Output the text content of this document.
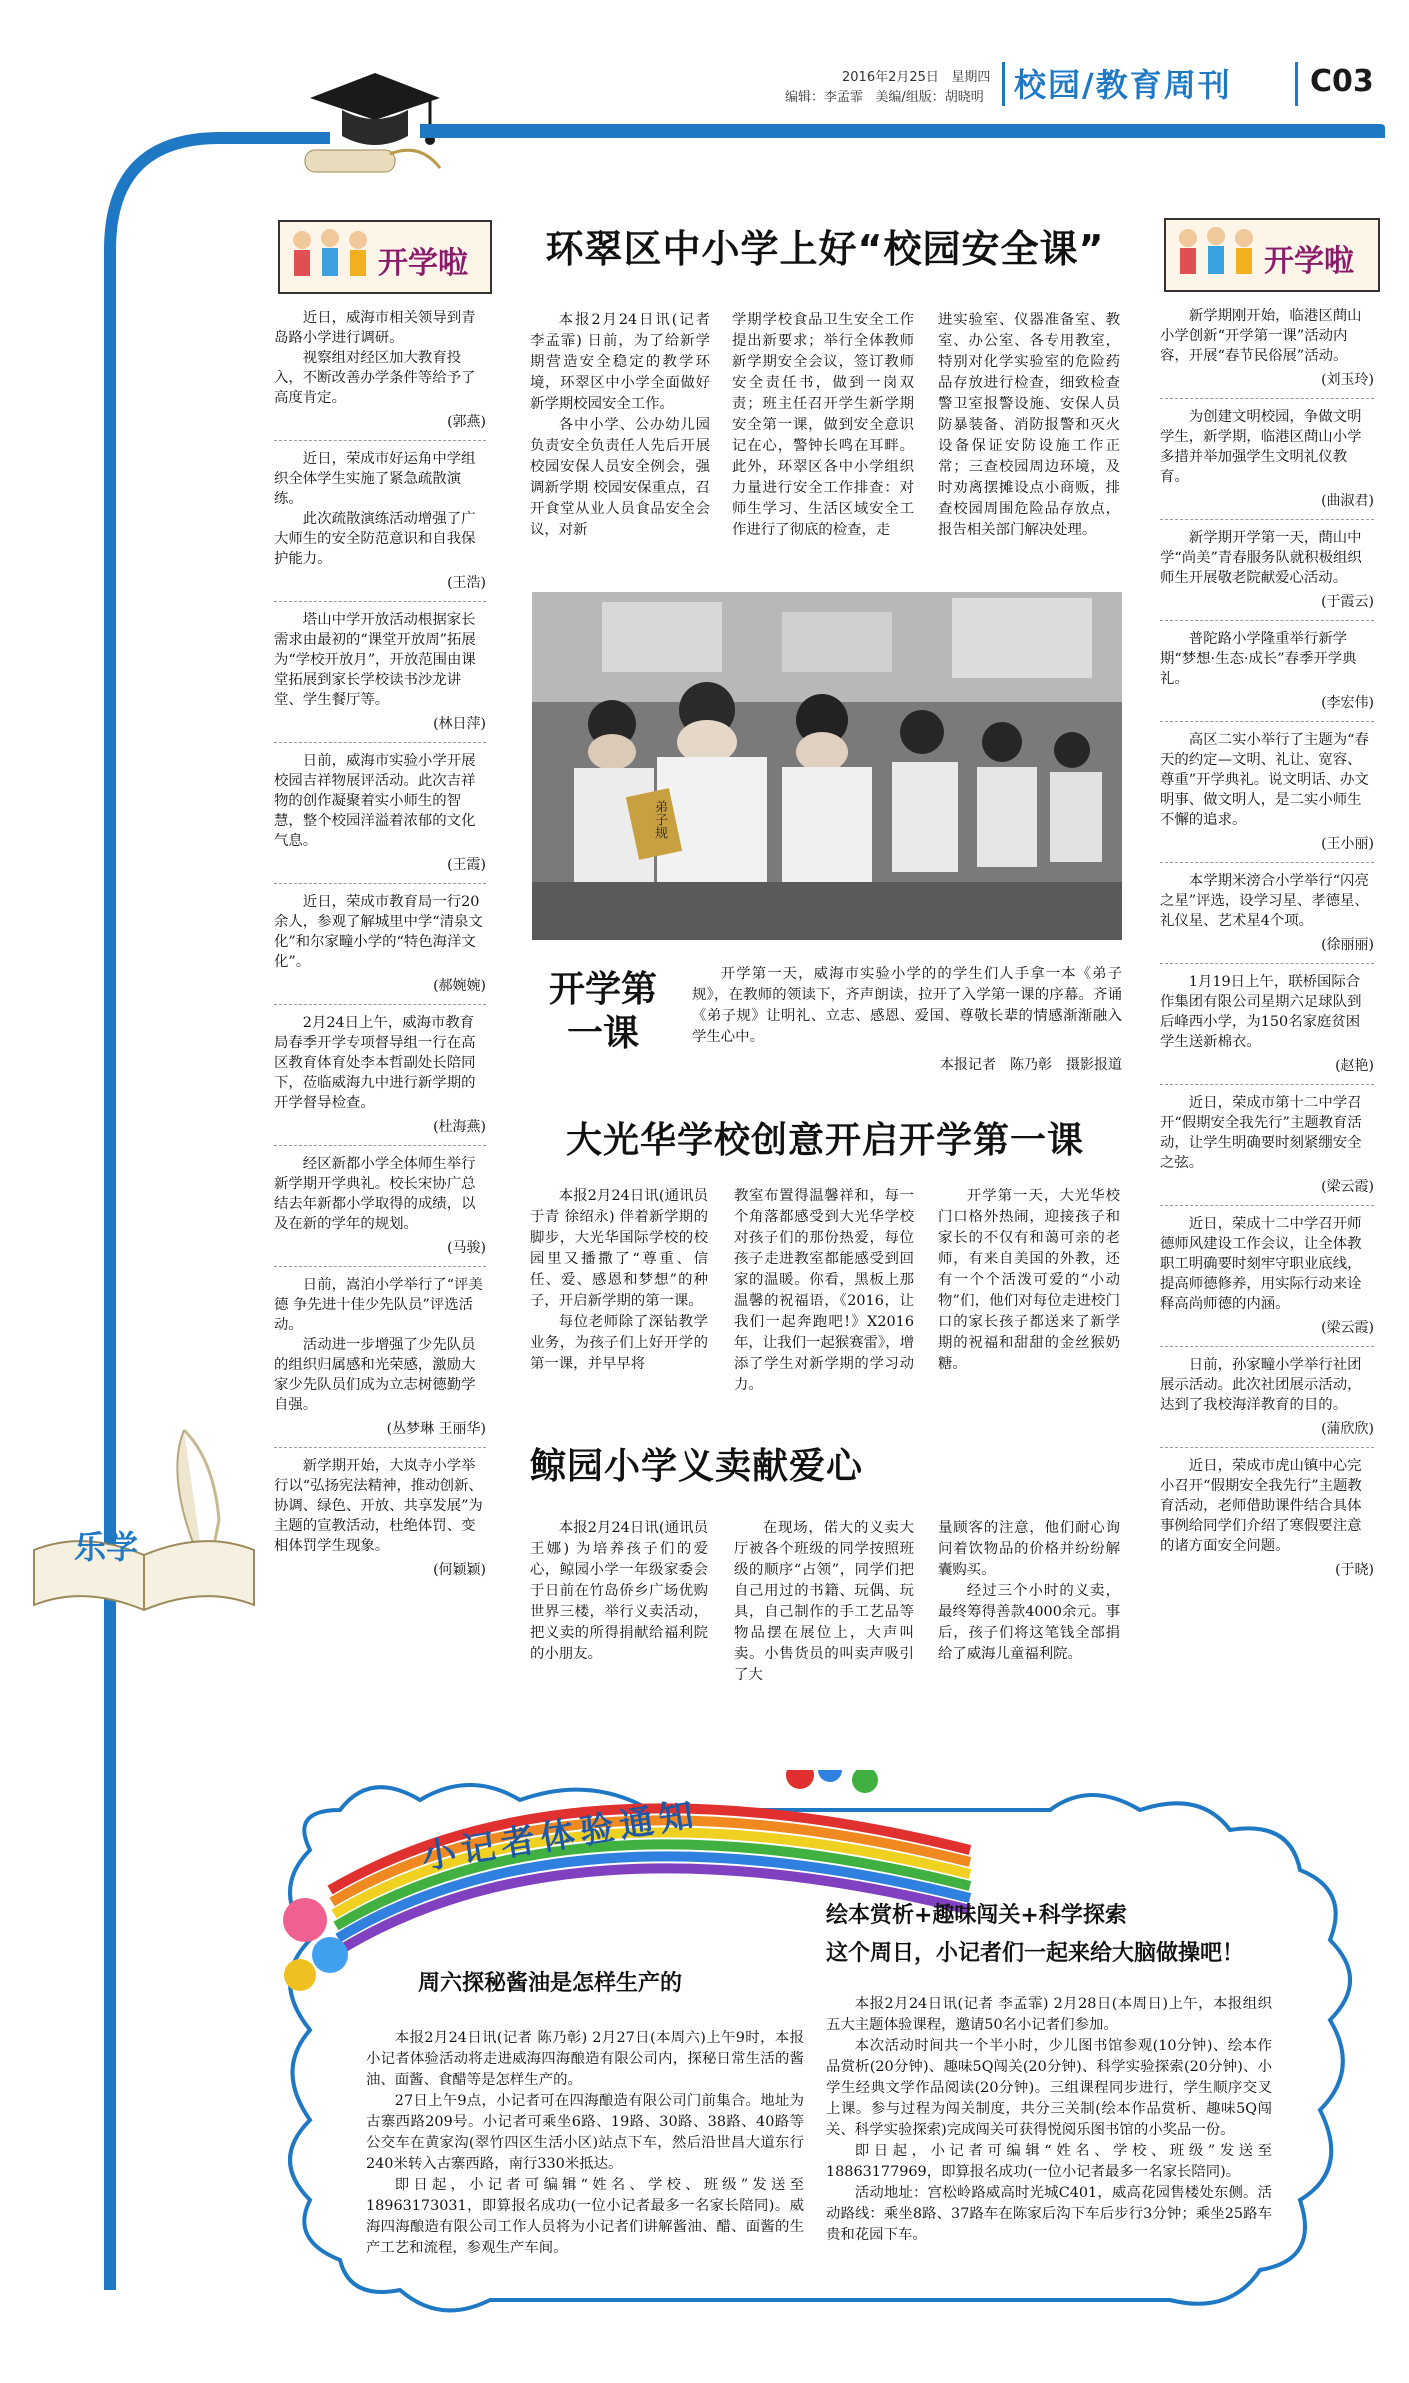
2016年2月25日 星期四
编辑：李孟霏 美编/组版：胡晓明 校园/教育周刊	C03
开学啦

近日，威海市相关领导到青岛路小学进行调研。

视察组对经区加大教育投入，不断改善办学条件等给予了高度肯定。

(郭燕)

近日，荣成市好运角中学组织全体学生实施了紧急疏散演练。

此次疏散演练活动增强了广大师生的安全防范意识和自我保护能力。

(王浩)

塔山中学开放活动根据家长需求由最初的“课堂开放周”拓展为“学校开放月”，开放范围由课堂拓展到家长学校读书沙龙讲堂、学生餐厅等。

(林日萍)

日前，威海市实验小学开展校园吉祥物展评活动。此次吉祥物的创作凝聚着实小师生的智慧，整个校园洋溢着浓郁的文化气息。

(王霞)

近日，荣成市教育局一行20余人，参观了解城里中学“清泉文化”和尔家疃小学的“特色海洋文化”。

(郝婉婉)

2月24日上午，威海市教育局春季开学专项督导组一行在高区教育体育处李本哲副处长陪同下，莅临威海九中进行新学期的开学督导检查。

(杜海燕)

经区新都小学全体师生举行新学期开学典礼。校长宋协广总结去年新都小学取得的成绩，以及在新的学年的规划。

(马骏)

日前，嵩泊小学举行了“评美德 争先进十佳少先队员”评选活动。

活动进一步增强了少先队员的组织归属感和光荣感，激励大家少先队员们成为立志树德勤学自强。

(丛梦琳 王丽华)

新学期开始，大岚寺小学举行以“弘扬宪法精神，推动创新、协调、绿色、开放、共享发展”为主题的宣教活动，杜绝体罚、变相体罚学生现象。

(何颖颖)
乐学
开学啦

新学期刚开始，临港区蔄山小学创新“开学第一课”活动内容，开展“春节民俗展”活动。

(刘玉玲)

为创建文明校园，争做文明学生，新学期，临港区蔄山小学多措并举加强学生文明礼仪教育。

(曲淑君)

新学期开学第一天，蔄山中学“尚美”青春服务队就积极组织师生开展敬老院献爱心活动。

(于霞云)

普陀路小学隆重举行新学期“梦想·生态·成长”春季开学典礼。

(李宏伟)

高区二实小举行了主题为“春天的约定—文明、礼让、宽容、尊重”开学典礼。说文明话、办文明事、做文明人，是二实小师生不懈的追求。

(王小丽)

本学期米滂合小学举行“闪亮之星”评选，设学习星、孝德星、礼仪星、艺术星4个项。

(徐丽丽)

1月19日上午，联桥国际合作集团有限公司星期六足球队到后峰西小学，为150名家庭贫困学生送新棉衣。

(赵艳)

近日，荣成市第十二中学召开“假期安全我先行”主题教育活动，让学生明确要时刻紧绷安全之弦。

(梁云霞)

近日，荣成十二中学召开师德师风建设工作会议，让全体教职工明确要时刻牢守职业底线，提高师德修养，用实际行动来诠释高尚师德的内涵。

(梁云霞)

日前，孙家疃小学举行社团展示活动。此次社团展示活动，达到了我校海洋教育的目的。

(蒲欣欣)

近日，荣成市虎山镇中心完小召开“假期安全我先行”主题教育活动，老师借助课件结合具体事例给同学们介绍了寒假要注意的诸方面安全问题。

(于晓)
环翠区中小学上好“校园安全课”

本报2月24日讯(记者 李孟霏) 日前，为了给新学期营造安全稳定的教学环境，环翠区中小学全面做好新学期校园安全工作。

各中小学、公办幼儿园负责安全负责任人先后开展校园安保人员安全例会，强调新学期 校园安保重点，召开食堂从业人员食品安全会议，对新

学期学校食品卫生安全工作提出新要求；举行全体教师新学期安全会议，签订教师安全责任书，做到一岗双责；班主任召开学生新学期安全第一课，做到安全意识记在心，警钟长鸣在耳畔。此外，环翠区各中小学组织力量进行安全工作排查：对师生学习、生活区域安全工作进行了彻底的检查，走

进实验室、仪器准备室、教室、办公室、各专用教室，特别对化学实验室的危险药品存放进行检查，细致检查警卫室报警设施、安保人员防暴装备、消防报警和灭火设备保证安防设施工作正常；三查校园周边环境，及时劝离摆摊设点小商贩，排查校园周围危险品存放点，报告相关部门解决处理。

弟子规
开学第一课
开学第一天，威海市实验小学的的学生们人手拿一本《弟子规》，在教师的领读下，齐声朗读，拉开了入学第一课的序幕。齐诵《弟子规》让明礼、立志、感恩、爱国、尊敬长辈的情感渐渐融入学生心中。
本报记者　陈乃彰　摄影报道
大光华学校创意开启开学第一课

本报2月24日讯(通讯员 于青 徐绍永) 伴着新学期的脚步，大光华国际学校的校园里又播撒了“尊重、信任、爱、感恩和梦想”的种子，开启新学期的第一课。

每位老师除了深钻教学业务，为孩子们上好开学的第一课，并早早将

教室布置得温馨祥和，每一个角落都感受到大光华学校对孩子们的那份热爱，每位孩子走进教室都能感受到回家的温暖。你看，黑板上那温馨的祝福语，《2016，让我们一起奔跑吧!》X2016年，让我们一起猴赛雷》，增添了学生对新学期的学习动力。

开学第一天，大光华校门口格外热闹，迎接孩子和家长的不仅有和蔼可亲的老师，有来自美国的外教，还有一个个活泼可爱的“小动物”们，他们对每位走进校门口的家长孩子都送来了新学期的祝福和甜甜的金丝猴奶糖。

鲸园小学义卖献爱心

本报2月24日讯(通讯员 王娜) 为培养孩子们的爱心，鲸园小学一年级家委会于日前在竹岛侨乡广场优购世界三楼，举行义卖活动，把义卖的所得捐献给福利院的小朋友。

在现场，偌大的义卖大厅被各个班级的同学按照班级的顺序“占领”，同学们把自己用过的书籍、玩偶、玩具，自己制作的手工艺品等物品摆在展位上，大声叫卖。小售货员的叫卖声吸引了大

量顾客的注意，他们耐心询问着饮物品的价格并纷纷解囊购买。

经过三个小时的义卖，最终筹得善款4000余元。事后，孩子们将这笔钱全部捐给了威海儿童福利院。

小记者体验通知
周六探秘酱油是怎样生产的

本报2月24日讯(记者 陈乃彰) 2月27日(本周六)上午9时，本报小记者体验活动将走进威海四海酿造有限公司内，探秘日常生活的酱油、面酱、食醋等是怎样生产的。

27日上午9点，小记者可在四海酿造有限公司门前集合。地址为古寨西路209号。小记者可乘坐6路、19路、30路、38路、40路等公交车在黄家沟(翠竹四区生活小区)站点下车，然后沿世昌大道东行240米转入古寨西路，南行330米抵达。

即日起，小记者可编辑“姓名、学校、班级”发送至18963173031，即算报名成功(一位小记者最多一名家长陪同)。威海四海酿造有限公司工作人员将为小记者们讲解酱油、醋、面酱的生产工艺和流程，参观生产车间。

绘本赏析+趣味闯关+科学探索
这个周日，小记者们一起来给大脑做操吧！

本报2月24日讯(记者 李孟霏) 2月28日(本周日)上午，本报组织五大主题体验课程，邀请50名小记者们参加。

本次活动时间共一个半小时，少儿图书馆参观(10分钟)、绘本作品赏析(20分钟)、趣味5Q闯关(20分钟)、科学实验探索(20分钟)、小学生经典文学作品阅读(20分钟)。三组课程同步进行，学生顺序交叉上课。参与过程为闯关制度，共分三关制(绘本作品赏析、趣味5Q闯关、科学实验探索)完成闯关可获得悦阅乐图书馆的小奖品一份。

即日起，小记者可编辑“姓名、学校、班级”发送至18863177969，即算报名成功(一位小记者最多一名家长陪同)。

活动地址：宫松岭路威高时光城C401，威高花园售楼处东侧。活动路线：乘坐8路、37路车在陈家后沟下车后步行3分钟；乘坐25路车贵和花园下车。
